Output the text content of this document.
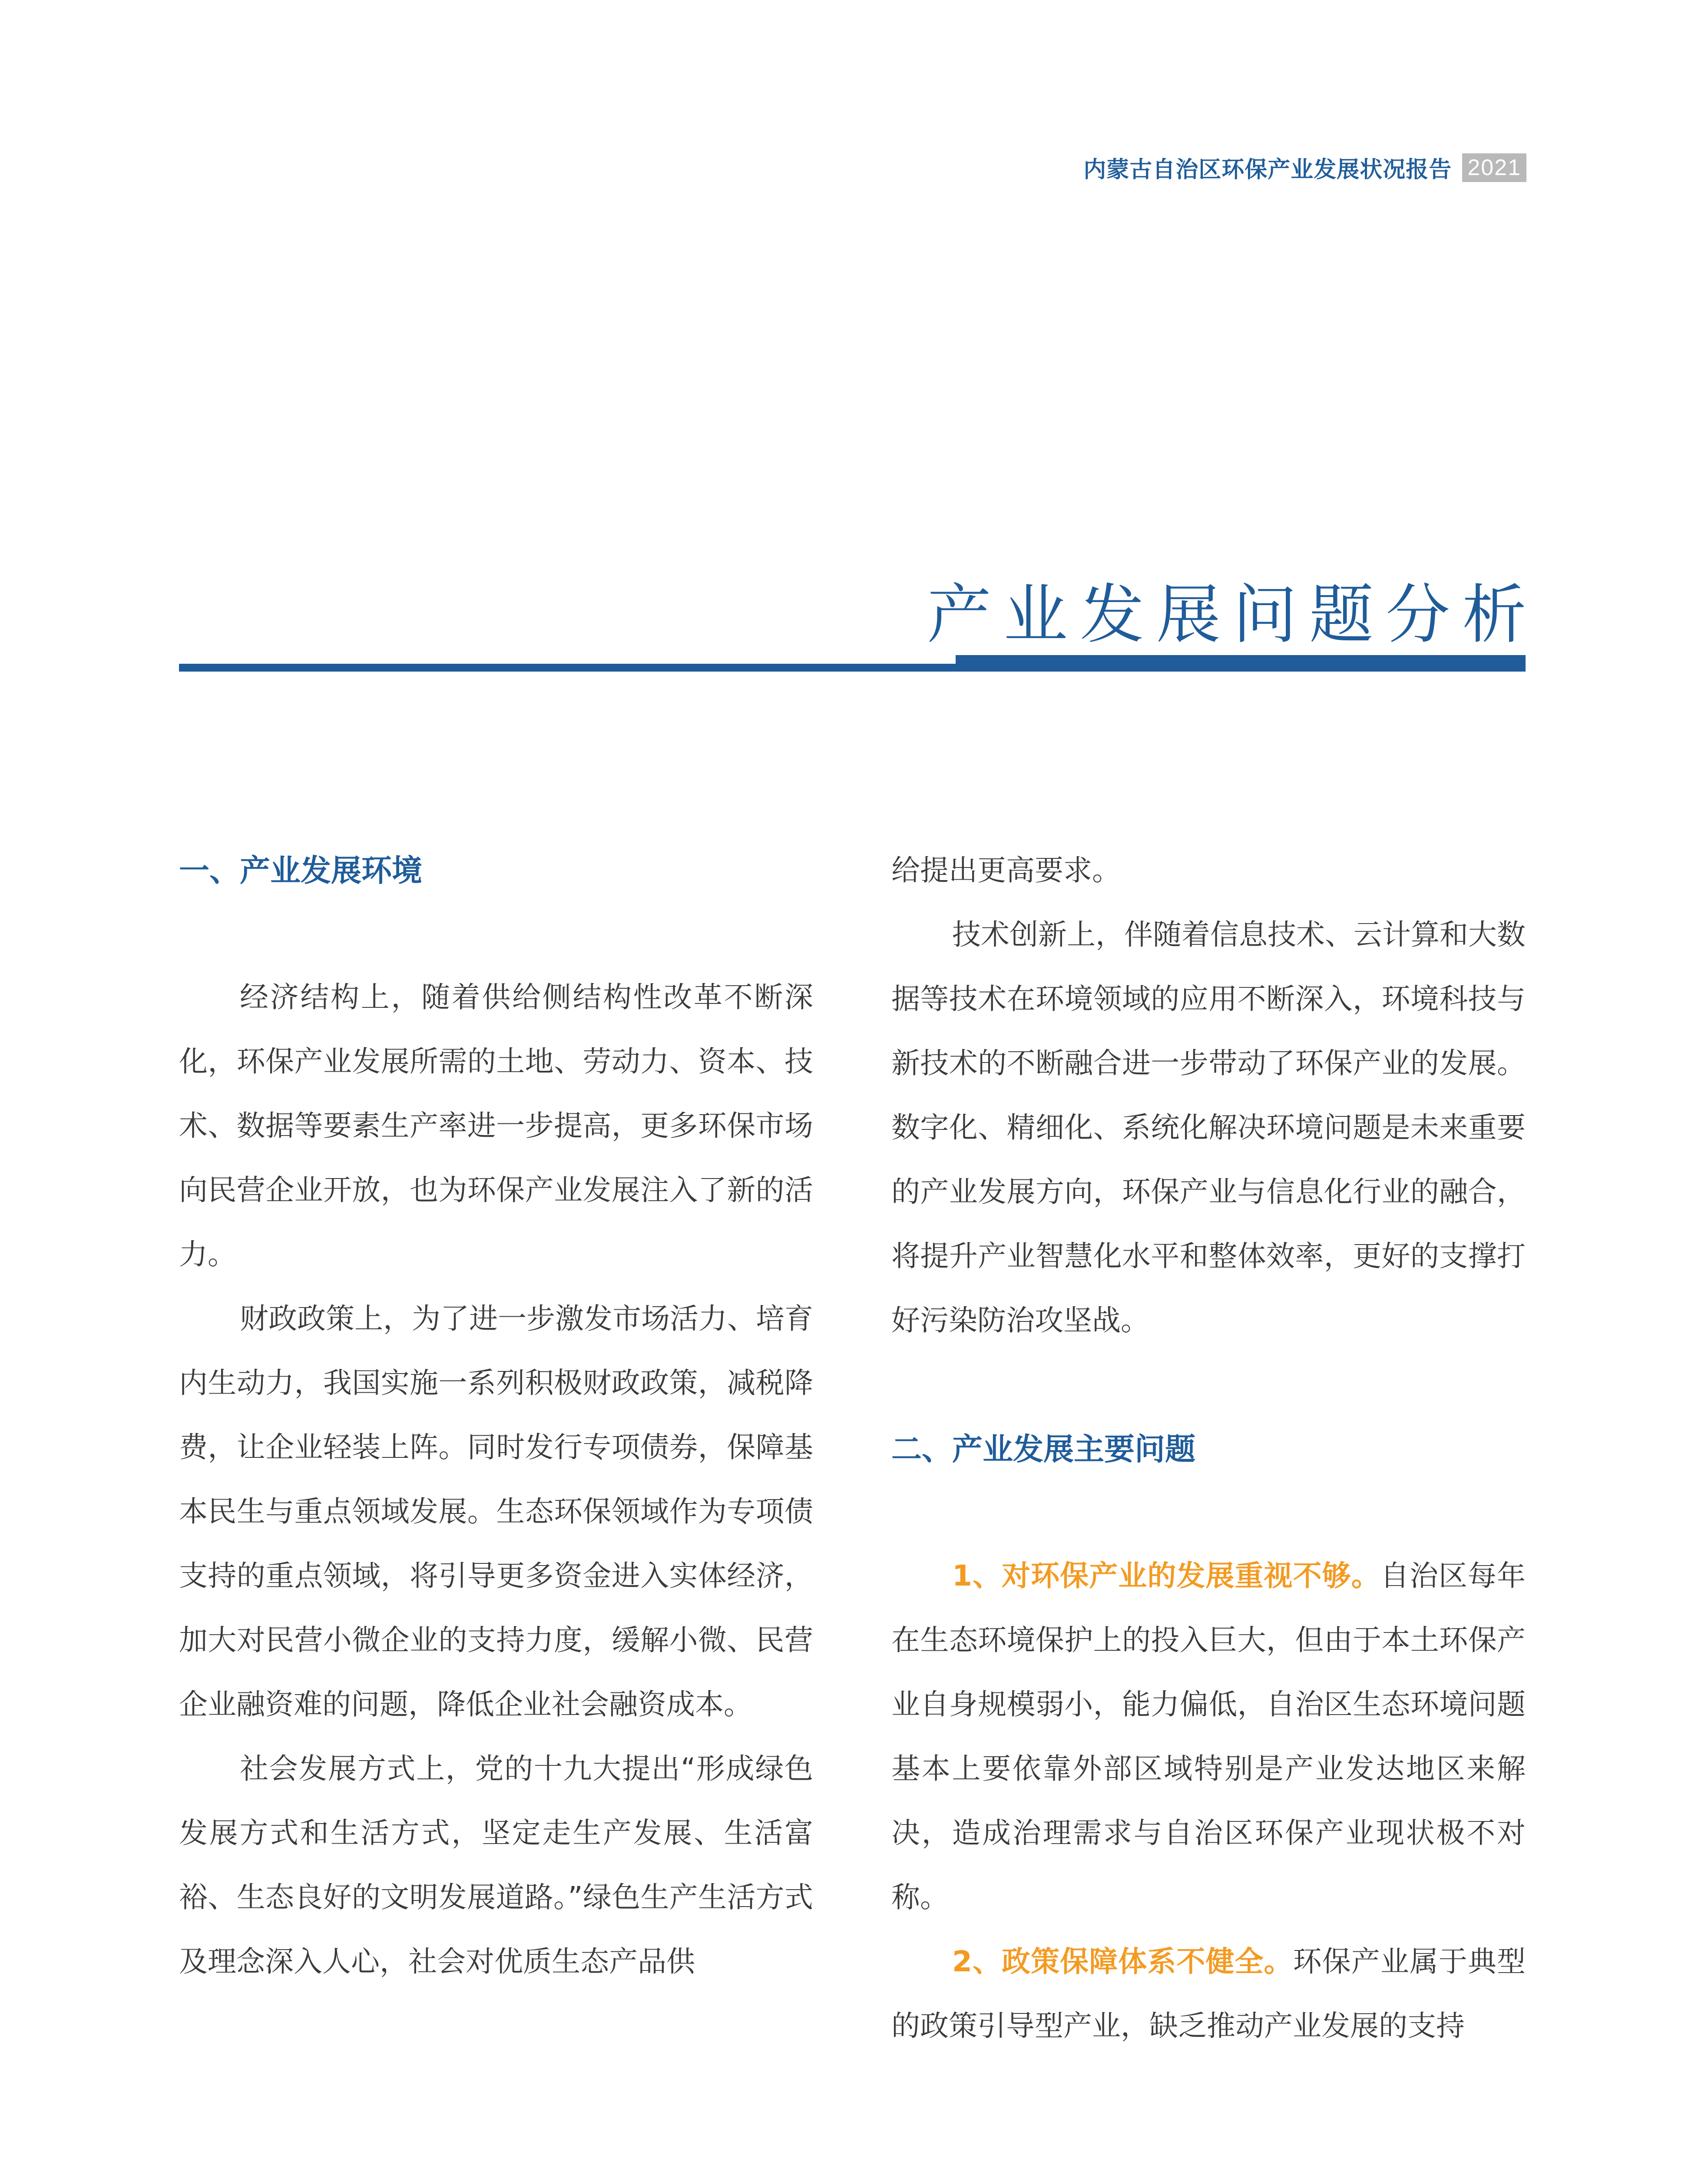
内蒙古自治区环保产业发展状况报告 2021
产业发展问题分析
一、产业发展环境

经济结构上，随着供给侧结构性改革不断深化，环保产业发展所需的土地、劳动力、资本、技术、数据等要素生产率进一步提高，更多环保市场向民营企业开放，也为环保产业发展注入了新的活力。

财政政策上，为了进一步激发市场活力、培育内生动力，我国实施一系列积极财政政策，减税降费，让企业轻装上阵。同时发行专项债券，保障基本民生与重点领域发展。生态环保领域作为专项债支持的重点领域，将引导更多资金进入实体经济，加大对民营小微企业的支持力度，缓解小微、民营企业融资难的问题，降低企业社会融资成本。

社会发展方式上，党的十九大提出“形成绿色发展方式和生活方式，坚定走生产发展、生活富裕、生态良好的文明发展道路。”绿色生产生活方式及理念深入人心，社会对优质生态产品供

给提出更高要求。

技术创新上，伴随着信息技术、云计算和大数据等技术在环境领域的应用不断深入，环境科技与新技术的不断融合进一步带动了环保产业的发展。数字化、精细化、系统化解决环境问题是未来重要的产业发展方向，环保产业与信息化行业的融合，将提升产业智慧化水平和整体效率，更好的支撑打好污染防治攻坚战。

二、产业发展主要问题

1、对环保产业的发展重视不够。自治区每年在生态环境保护上的投入巨大，但由于本土环保产业自身规模弱小，能力偏低，自治区生态环境问题基本上要依靠外部区域特别是产业发达地区来解决，造成治理需求与自治区环保产业现状极不对称。

2、政策保障体系不健全。环保产业属于典型的政策引导型产业，缺乏推动产业发展的支持
